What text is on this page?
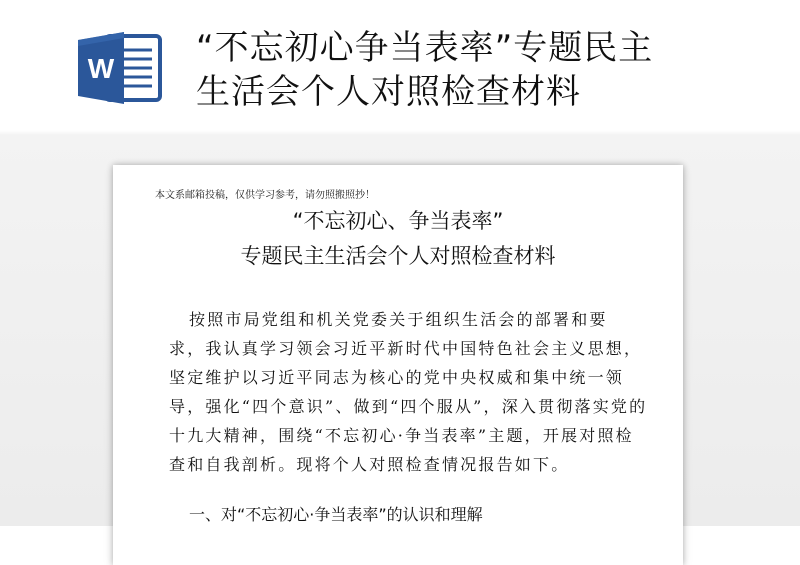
W
“不忘初心争当表率”专题民主
生活会个人对照检查材料
本文系邮箱投稿，仅供学习参考，请勿照搬照抄！
“不忘初心、争当表率”
专题民主生活会个人对照检查材料
按照市局党组和机关党委关于组织生活会的部署和要
求，我认真学习领会习近平新时代中国特色社会主义思想，
坚定维护以习近平同志为核心的党中央权威和集中统一领
导，强化“四个意识”、做到“四个服从”，深入贯彻落实党的
十九大精神，围绕“不忘初心·争当表率”主题，开展对照检
查和自我剖析。现将个人对照检查情况报告如下。
一、对“不忘初心·争当表率”的认识和理解
